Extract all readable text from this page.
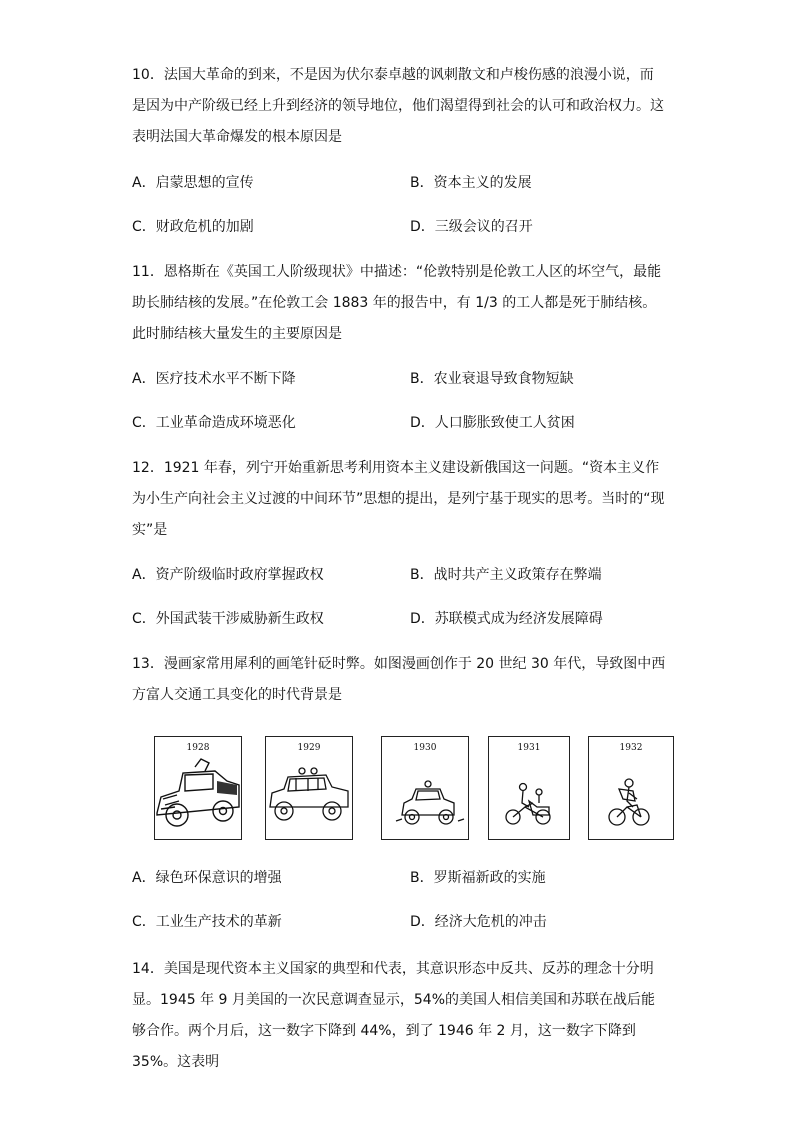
10．法国大革命的到来，不是因为伏尔泰卓越的讽刺散文和卢梭伤感的浪漫小说，而是因为中产阶级已经上升到经济的领导地位，他们渴望得到社会的认可和政治权力。这表明法国大革命爆发的根本原因是
A．启蒙思想的宣传	B．资本主义的发展
C．财政危机的加剧	D．三级会议的召开
11．恩格斯在《英国工人阶级现状》中描述：“伦敦特别是伦敦工人区的坏空气，最能助长肺结核的发展。”在伦敦工会 1883 年的报告中，有 1/3 的工人都是死于肺结核。此时肺结核大量发生的主要原因是
A．医疗技术水平不断下降	B．农业衰退导致食物短缺
C．工业革命造成环境恶化	D．人口膨胀致使工人贫困
12．1921 年春，列宁开始重新思考利用资本主义建设新俄国这一问题。“资本主义作为小生产向社会主义过渡的中间环节”思想的提出，是列宁基于现实的思考。当时的“现实”是
A．资产阶级临时政府掌握政权	B．战时共产主义政策存在弊端
C．外国武装干涉威胁新生政权	D．苏联模式成为经济发展障碍
13．漫画家常用犀利的画笔针砭时弊。如图漫画创作于 20 世纪 30 年代，导致图中西方富人交通工具变化的时代背景是
1928	1929	1930	1931	1932
A．绿色环保意识的增强	B．罗斯福新政的实施
C．工业生产技术的革新	D．经济大危机的冲击
14．美国是现代资本主义国家的典型和代表，其意识形态中反共、反苏的理念十分明显。1945 年 9 月美国的一次民意调查显示，54%的美国人相信美国和苏联在战后能够合作。两个月后，这一数字下降到 44%，到了 1946 年 2 月，这一数字下降到 35%。这表明
